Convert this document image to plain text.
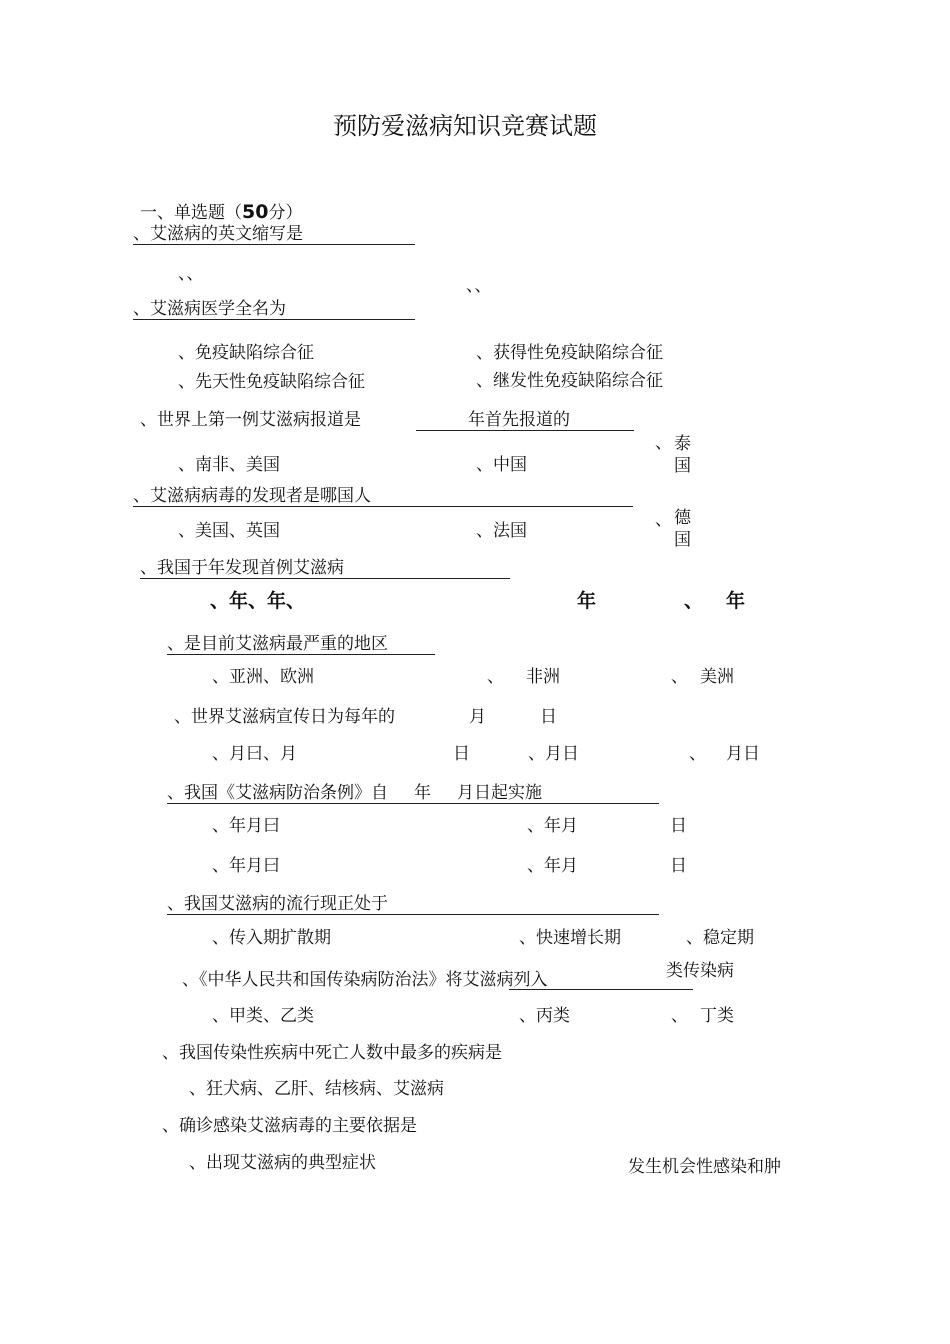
预防爱滋病知识竞赛试题
一、单选题（50分）
、艾滋病的英文缩写是
、、
、、
、艾滋病医学全名为
、免疫缺陷综合征	、获得性免疫缺陷综合征
、先天性免疫缺陷综合征	、继发性免疫缺陷综合征
、世界上第一例艾滋病报道是	年首先报道的
、 泰国
、南非、美国	、中国
、艾滋病病毒的发现者是哪国人
、 德国
、美国、英国	、法国
、我国于年发现首例艾滋病
、年、年、	年	、 年
、是目前艾滋病最严重的地区
、亚洲、欧洲	、 非洲	、 美洲
、世界艾滋病宣传日为每年的	月	日
、月曰、月	日	、月日	、 月日
、我国《艾滋病防治条例》自 年 月日起实施
、年月曰	、年月	日
、年月曰	、年月	日
、我国艾滋病的流行现正处于
、传入期扩散期	、快速增长期	、稳定期
、《中华人民共和国传染病防治法》将艾滋病列入	类传染病
、甲类、乙类	、丙类	、 丁类
、我国传染性疾病中死亡人数中最多的疾病是
、狂犬病、乙肝、结核病、艾滋病
、确诊感染艾滋病毒的主要依据是
、出现艾滋病的典型症状	发生机会性感染和肿
